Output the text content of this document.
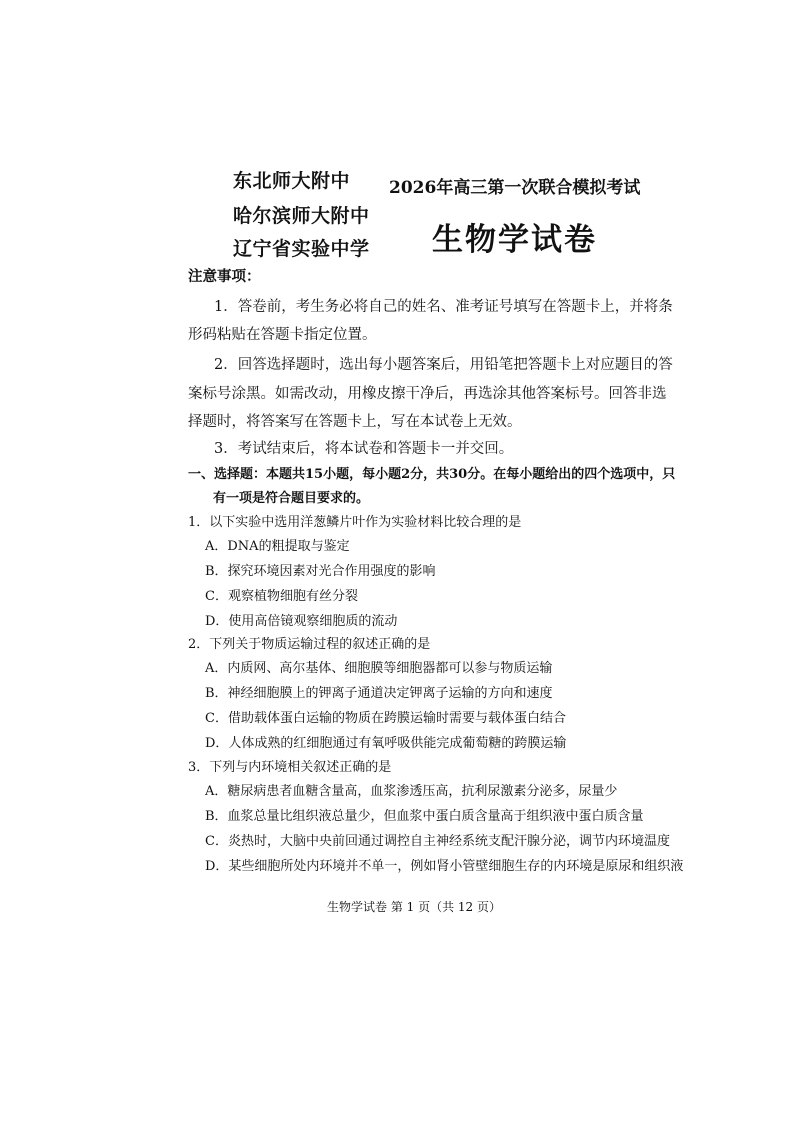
东北师大附中
哈尔滨师大附中
辽宁省实验中学
2026年高三第一次联合模拟考试
生物学试卷
注意事项：
1．答卷前，考生务必将自己的姓名、准考证号填写在答题卡上，并将条
形码粘贴在答题卡指定位置。
2．回答选择题时，选出每小题答案后，用铅笔把答题卡上对应题目的答
案标号涂黑。如需改动，用橡皮擦干净后，再选涂其他答案标号。回答非选
择题时，将答案写在答题卡上，写在本试卷上无效。
3．考试结束后，将本试卷和答题卡一并交回。
一、选择题：本题共15小题，每小题2分，共30分。在每小题给出的四个选项中，只
有一项是符合题目要求的。
1．以下实验中选用洋葱鳞片叶作为实验材料比较合理的是
A．DNA的粗提取与鉴定
B．探究环境因素对光合作用强度的影响
C．观察植物细胞有丝分裂
D．使用高倍镜观察细胞质的流动
2．下列关于物质运输过程的叙述正确的是
A．内质网、高尔基体、细胞膜等细胞器都可以参与物质运输
B．神经细胞膜上的钾离子通道决定钾离子运输的方向和速度
C．借助载体蛋白运输的物质在跨膜运输时需要与载体蛋白结合
D．人体成熟的红细胞通过有氧呼吸供能完成葡萄糖的跨膜运输
3．下列与内环境相关叙述正确的是
A．糖尿病患者血糖含量高，血浆渗透压高，抗利尿激素分泌多，尿量少
B．血浆总量比组织液总量少，但血浆中蛋白质含量高于组织液中蛋白质含量
C．炎热时，大脑中央前回通过调控自主神经系统支配汗腺分泌，调节内环境温度
D．某些细胞所处内环境并不单一，例如肾小管壁细胞生存的内环境是原尿和组织液
生物学试卷 第 1 页（共 12 页）
